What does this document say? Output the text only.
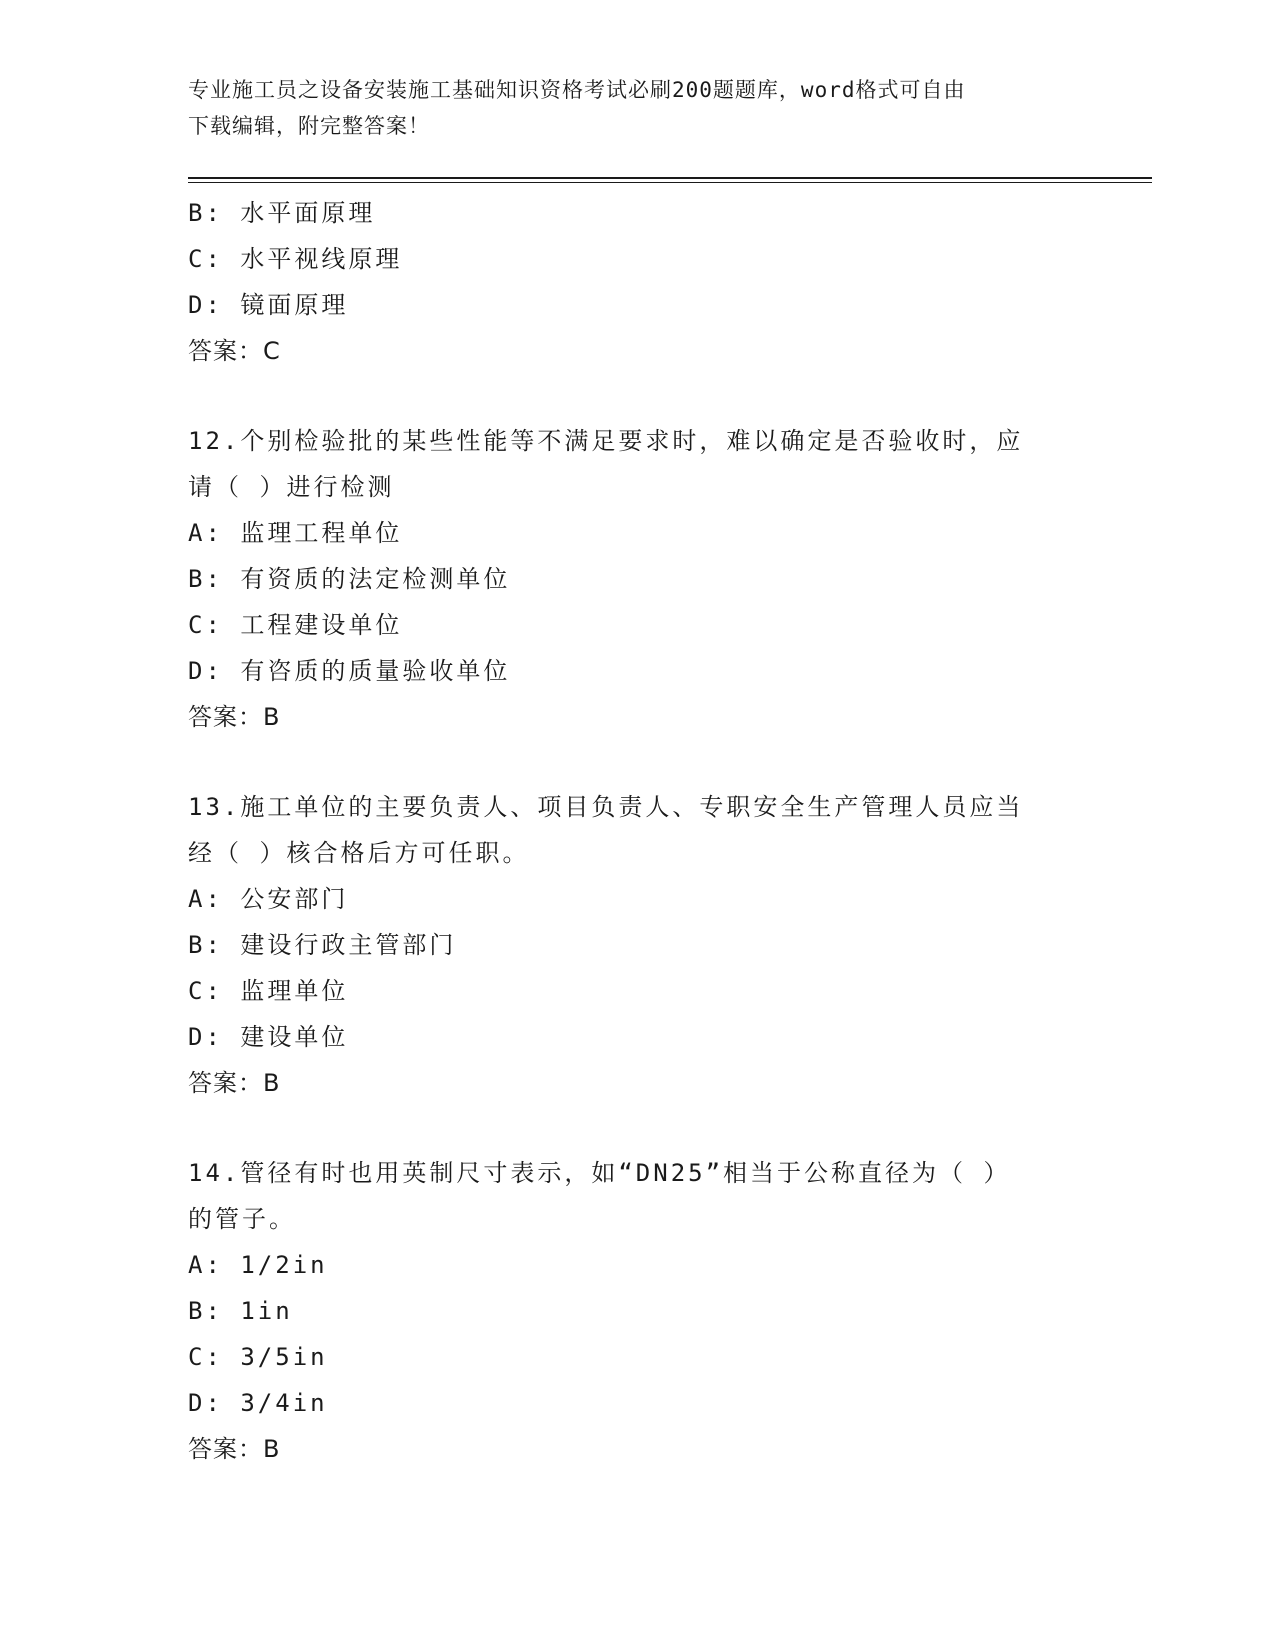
专业施工员之设备安装施工基础知识资格考试必刷200题题库，word格式可自由
下载编辑，附完整答案！
B: 水平面原理
C: 水平视线原理
D: 镜面原理
答案：C
12.个别检验批的某些性能等不满足要求时，难以确定是否验收时，应
请（ ）进行检测
A: 监理工程单位
B: 有资质的法定检测单位
C: 工程建设单位
D: 有咨质的质量验收单位
答案：B
13.施工单位的主要负责人、项目负责人、专职安全生产管理人员应当
经（ ）核合格后方可任职。
A: 公安部门
B: 建设行政主管部门
C: 监理单位
D: 建设单位
答案：B
14.管径有时也用英制尺寸表示，如“DN25”相当于公称直径为（ ）
的管子。
A: 1/2in
B: 1in
C: 3/5in
D: 3/4in
答案：B
